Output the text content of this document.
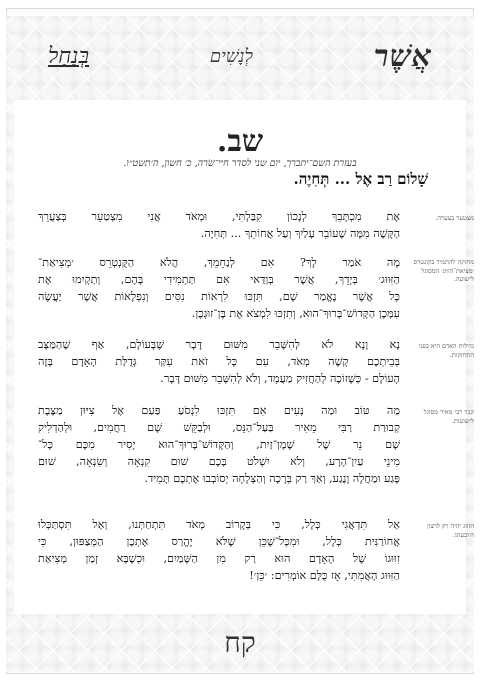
אֲשֶׁר
לְנָשִׁים
בְּנַחַל
שב.
בעזרת השם־יתברך, יום שני לסדר חיי־שׂרה, כ׳ חשון, ה׳תשט״ו.
שָׁלוֹם רַב אֶל ... תְּחִיֶה.
מצטער בצערה.
אֶת מִכְתָּבֵךְ לְנָכוֹן קִבַּלְתִּי, וּמְאֹד אֲנִי מִצְטַעֵר בְּצַעֲרֵךְ
הַקָּשֶׁה מִמָּה שֶׁעוֹבֵר עָלַיִךְ וְעַל אֲחוֹתֵךְ ... תְּחִיֶה.
מחזקה להתמיד בקונטרס ׳מציאת־הזווג׳ המסוגל לישועה.
מָה אֹמַר לָךְ? אִם לְנַחֵמֵךְ, הֲלֹא הַקֻּנְטְרֵס ׳מְצִיאַת־
הַזִּוּוּג׳ בְּיָדֵךְ, אֲשֶׁר בְּוַדַּאי אִם תַּתְמִידִי בָּהֶם, וְתַקְיִמוּ אֶת
כָּל אֲשֶׁר נֶאֱמַר שָׁם, תִּזְכּוּ לִרְאוֹת נִסִּים וְנִפְלָאוֹת אֲשֶׁר יַעֲשֶׂה
עִמָּכֶן הַקָּדוֹשׁ־בָּרוּךְ־הוּא, וְתִזְכּוּ לִמְצֹא אֶת בֶּן־זוּגְכֶן.
גדולות האדם היא בפני התחזקות.
נָא וָנָא לֹא לְהִשָּׁבֵר מִשּׁוּם דָּבָר שֶׁבָּעוֹלָם, אַף שֶׁהַמַּצָּב
בְּבֵיתְכֶם קָשֶׁה מְאֹד, עִם כָּל זֹאת עִקַּר גְּדֻלַּת הָאָדָם בָּזֶה
הָעוֹלָם - כְּשֶׁזוֹכֶה לְהַחֲזִיק מַעֲמָד, וְלֹא לְהִשָּׁבֵר מִשּׁוּם דָּבָר.
קבר רבי מאיר מסוגל לישועות.
מַה טּוֹב וּמַה נָּעִים אִם תִּזְכּוּ לִנְסֹעַ פַּעַם אֶל צִיּוּן מַצֶּבֶת
קְבוּרַת רַבִּי מֵאִיר בַּעַל־הַנֵּס, וּלְבַקֵּשׁ שָׁם רַחֲמִים, וּלְהַדְלִיק
שָׁם נֵר שֶׁל שֶׁמֶן־זַיִת, וְהַקָּדוֹשׁ־בָּרוּךְ־הוּא יָסִיר מִכֶּם כָּל־
מִינֵי עַיִן־הָרָע, וְלֹא יִשְׁלֹט בָּכֶם שׁוּם קִנְאָה וְשִׂנְאָה, שׁוּם
פֶּגַע וּמַחֲלָה וָנֶגַע, וְאַךְ רַק בְּרָכָה וְהַצְלָחָה יְסוֹבְבוּ אֶתְכֶם תָּמִיד.
הזווג יהיה רק לרצון ה׳ובעתו.
אַל תִּדְאֲגִי כְּלָל, כִּי בְּקָרוֹב מְאֹד תִּתְחַתְּנוּ, וְאַל תִּסְתַּכְּלוּ
אֲחוֹרַנִּית כְּלָל, וּמִכָּל־שֶׁכֵּן שֶׁלֹּא יֶהֱרַס אֶתְכֶן הַמְּצַפּוּן, כִּי
זִוּוּגוֹ שֶׁל הָאָדָם הוּא רַק מִן הַשָּׁמַיִם, וּכְשֶׁבָּא זְמַן מְצִיאַת
הַזִּוּוּג הָאֲמִתִּי, אָז כֻּלָּם אוֹמְרִים: ׳כֵּן׳!
קח
